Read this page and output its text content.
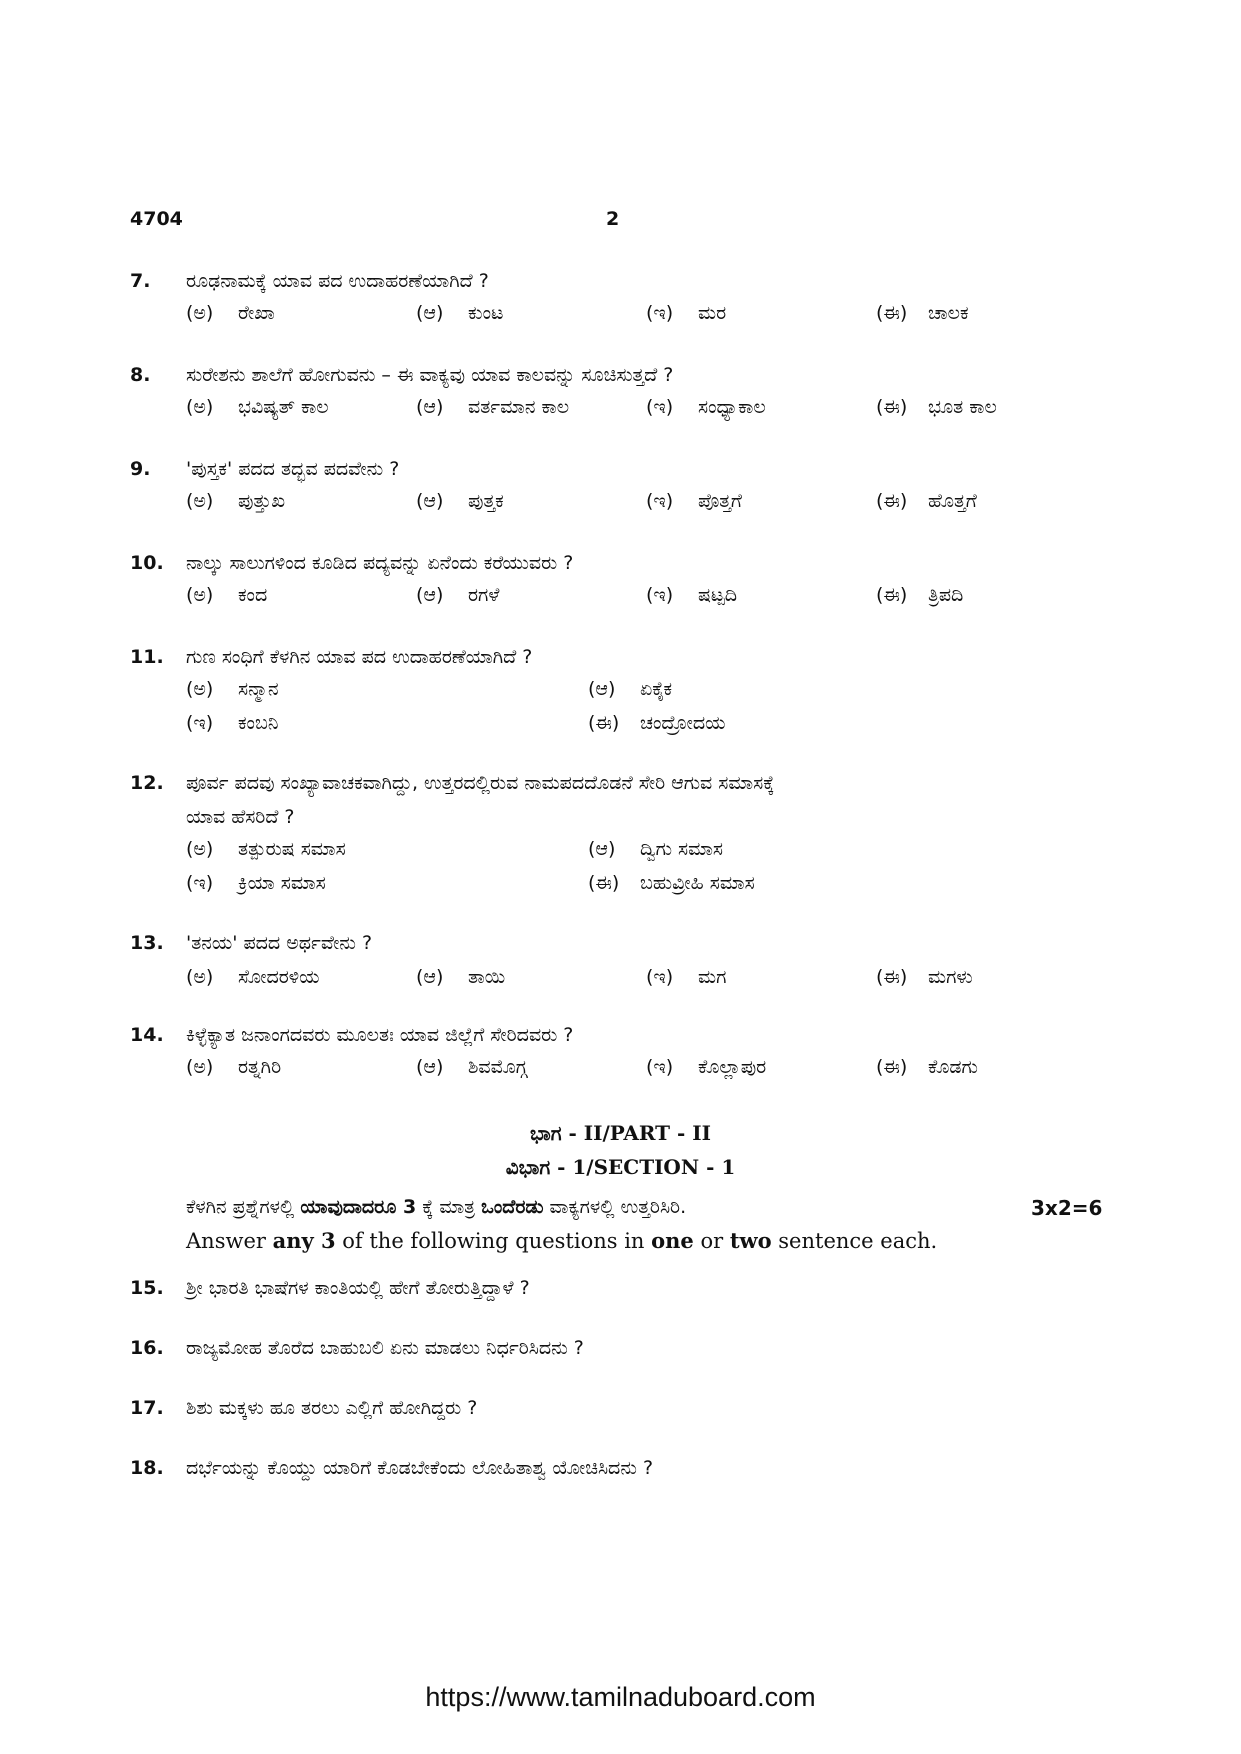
4704	2
7. ರೂಢನಾಮಕ್ಕೆ ಯಾವ ಪದ ಉದಾಹರಣೆಯಾಗಿದೆ ?
(ಅ) ರೇಖಾ	(ಆ) ಕುಂಟ	(ಇ) ಮರ	(ಈ) ಚಾಲಕ
8. ಸುರೇಶನು ಶಾಲೆಗೆ ಹೋಗುವನು – ಈ ವಾಕ್ಯವು ಯಾವ ಕಾಲವನ್ನು ಸೂಚಿಸುತ್ತದೆ ?
(ಅ) ಭವಿಷ್ಯತ್ ಕಾಲ	(ಆ) ವರ್ತಮಾನ ಕಾಲ	(ಇ) ಸಂಧ್ಯಾಕಾಲ	(ಈ) ಭೂತ ಕಾಲ
9. 'ಪುಸ್ತಕ' ಪದದ ತದ್ಭವ ಪದವೇನು ?
(ಅ) ಪುತ್ತುಖ	(ಆ) ಪುತ್ತಕ	(ಇ) ಪೊತ್ತಗೆ	(ಈ) ಹೊತ್ತಗೆ
10. ನಾಲ್ಕು ಸಾಲುಗಳಿಂದ ಕೂಡಿದ ಪದ್ಯವನ್ನು ಏನೆಂದು ಕರೆಯುವರು ?
(ಅ) ಕಂದ	(ಆ) ರಗಳೆ	(ಇ) ಷಟ್ಪದಿ	(ಈ) ತ್ರಿಪದಿ
11. ಗುಣ ಸಂಧಿಗೆ ಕೆಳಗಿನ ಯಾವ ಪದ ಉದಾಹರಣೆಯಾಗಿದೆ ?
(ಅ) ಸನ್ಮಾನ	(ಆ) ಏಕೈಕ
(ಇ) ಕಂಬನಿ	(ಈ) ಚಂದ್ರೋದಯ
12. ಪೂರ್ವ ಪದವು ಸಂಖ್ಯಾವಾಚಕವಾಗಿದ್ದು, ಉತ್ತರದಲ್ಲಿರುವ ನಾಮಪದದೊಡನೆ ಸೇರಿ ಆಗುವ ಸಮಾಸಕ್ಕೆ
ಯಾವ ಹೆಸರಿದೆ ?
(ಅ) ತತ್ಪುರುಷ ಸಮಾಸ	(ಆ) ದ್ವಿಗು ಸಮಾಸ
(ಇ) ಕ್ರಿಯಾ ಸಮಾಸ	(ಈ) ಬಹುವ್ರೀಹಿ ಸಮಾಸ
13. 'ತನಯ' ಪದದ ಅರ್ಥವೇನು ?
(ಅ) ಸೋದರಳಿಯ	(ಆ) ತಾಯಿ	(ಇ) ಮಗ	(ಈ) ಮಗಳು
14. ಕಿಳ್ಳೆಕ್ಯಾತ ಜನಾಂಗದವರು ಮೂಲತಃ ಯಾವ ಜಿಲ್ಲೆಗೆ ಸೇರಿದವರು ?
(ಅ) ರತ್ನಗಿರಿ	(ಆ) ಶಿವಮೊಗ್ಗ	(ಇ) ಕೊಲ್ಲಾಪುರ	(ಈ) ಕೊಡಗು
ಭಾಗ - II/PART - II
ವಿಭಾಗ - 1/SECTION - 1
ಕೆಳಗಿನ ಪ್ರಶ್ನೆಗಳಲ್ಲಿ ಯಾವುದಾದರೂ 3 ಕ್ಕೆ ಮಾತ್ರ ಒಂದೆರಡು ವಾಕ್ಯಗಳಲ್ಲಿ ಉತ್ತರಿಸಿರಿ.	3x2=6
Answer any 3 of the following questions in one or two sentence each.
15. ಶ್ರೀ ಭಾರತಿ ಭಾಷೆಗಳ ಕಾಂತಿಯಲ್ಲಿ ಹೇಗೆ ತೋರುತ್ತಿದ್ದಾಳೆ ?
16. ರಾಜ್ಯಮೋಹ ತೊರೆದ ಬಾಹುಬಲಿ ಏನು ಮಾಡಲು ನಿರ್ಧರಿಸಿದನು ?
17. ಶಿಶು ಮಕ್ಕಳು ಹೂ ತರಲು ಎಲ್ಲಿಗೆ ಹೋಗಿದ್ದರು ?
18. ದರ್ಭೆಯನ್ನು ಕೊಯ್ದು ಯಾರಿಗೆ ಕೊಡಬೇಕೆಂದು ಲೋಹಿತಾಶ್ವ ಯೋಚಿಸಿದನು ?
https://www.tamilnaduboard.com
